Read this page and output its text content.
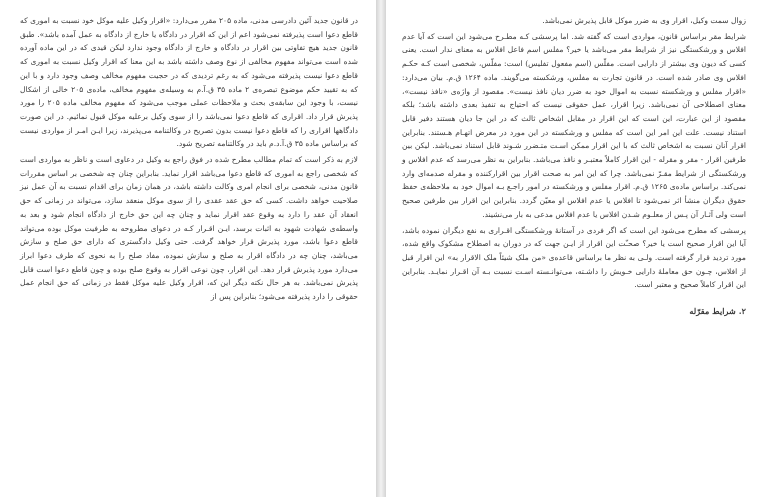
در قانون جدید آئین دادرسی مدنی، ماده ۲۰۵ مقرر می‌دارد: «اقرار وکیل علیه موکل خود نسبت به اموری که قاطع دعوا است پذیرفته نمی‌شود اعم از این که اقرار در دادگاه یا خارج از دادگاه به عمل آمده باشد». طبق قانون جدید هیچ تفاوتی بین اقرار در دادگاه و خارج از دادگاه وجود ندارد لیکن قیدی که در این ماده آورده شده است می‌تواند مفهوم مخالفی از نوع وصف داشته باشد به این معنا که اقرار وکیل نسبت به اموری که قاطع دعوا نیست پذیرفته می‌شود که به رغم تردیدی که در حجیت مفهوم مخالف وصف وجود دارد و با این که به تقیید حکم موضوع تبصره‌ی ۲ ماده ۳۵ ق.آ.م به وسیله‌ی مفهوم مخالف، ماده‌ی ۲۰۵ خالی از اشکال نیست، با وجود این سابقه‌ی بحث و ملاحظات عملی موجب می‌شود که مفهوم مخالف ماده ۲۰۵ را مورد پذیرش قرار داد. اقراری که قاطع دعوا نمی‌باشد را از سوی وکیل برعلیه موکل قبول نمائیم. در این صورت دادگاهها اقراری را که قاطع دعوا نیست بدون تصریح در وکالتنامه می‌پذیرند، زیرا ایـن امـر از مواردی نیست که براساس ماده ۳۵ ق.آ.د.م باید در وکالتنامه تصریح شود.

لازم به ذکر است که تمام مطالب مطرح شده در فوق راجع به وکیل در دعاوی است و ناظر به مواردی است که شخصی راجع به اموری که قاطع دعوا می‌باشد اقرار نماید. بنابراین چنان چه شخصی بر اساس مقررات قانون مدنی، شخصی برای انجام امری وکالت داشته باشد، در همان زمان برای اقدام نسبت به آن عمل نیز صلاحیت خواهد داشت. کسی که حق عقد عقدی را از سوی موکل منعقد سازد، می‌تواند در زمانی که حق انعقاد آن عقد را دارد به وقوع عقد اقرار نماید و چنان چه این حق خارج از دادگاه انجام شود و بعد به واسطه‌ی شهادت شهود به اثبات برسد، ایـن اقـرار کـه در دعوای مطروحه به طرفیت موکل بوده می‌تواند قاطع دعوا باشد، مورد پذیرش قرار خواهد گرفت. حتی وکیل دادگستری که دارای حق صلح و سازش می‌باشد، چنان چه در دادگاه اقرار به صلح و سازش نموده، مفاد صلح را به نحوی که طرف دعوا ابراز می‌دارد مورد پذیرش قرار دهد. این اقرار، چون نوعی اقرار به وقوع صلح بوده و چون قاطع دعوا است قابل پذیرش نمی‌باشد. به هر حال نکته دیگر این که، اقرار وکیل علیه موکل فقط در زمانی که حق انجام عمل حقوقی را دارد پذیرفته می‌شود؛ بنابراین پس از

زوال سمت وکیل، اقرار وی به ضرر موکل قابل پذیرش نمی‌باشد.

شرایط مقر براساس قانون، مواردی است که گفته شد. اما پرسشی کـه مطـرح می‌شود این است که آیا عدم افلاس و ورشکستگی نیز از شرایط مقر می‌باشد یا خیر؟ مفلس اسم فاعل افلاس به معنای ندار است. یعنی کسی که دیون وی بیشتر از دارایی است. مفلّس (اسم مفعول تفلیس) است: مفلّس، شخصی است کـه حکـم افلاس وی صادر شده است. در قانون تجارت به مفلس، ورشکسته می‌گویند. ماده ۱۲۶۴ ق.م. بیان می‌دارد: «اقرار مفلس و ورشکسته نسبت به اموال خود به ضرر دیان نافذ نیست». مقصود از واژه‌ی «نافذ نیست»، معنای اصطلاحی آن نمی‌باشد. زیرا اقرار، عمل حقوقی نیست که احتیاج به تنفیذ بعدی داشته باشد؛ بلکه مقصود از این عبارت، این است که این اقرار در مقابل اشخاص ثالث که در این جا دیان هستند دفیر قابل استناد نیست. علت این امر این است که مفلس و ورشکسته در این مورد در معرض اتهـام هـستند. بنابراین اقرار آنان نسبت به اشخاص ثالث که با این اقرار ممکن اسـت متـضرر شـوند قابل استناد نمی‌باشد. لیکن بین طرفین اقرار - مقر و مقرله - این اقرار کاملاً معتبـر و نافذ می‌باشد. بنابراین به نظر می‌رسد که عدم افلاس و ورشکستگی از شرایط مقـرّ نمی‌باشد. چرا که این امر به صحت اقرار بین اقرارکننده و مقرله صدمه‌ای وارد نمی‌کند. براساس ماده‌ی ۱۲۶۵ ق.م. اقرار مفلس و ورشکسته در امور راجـع بـه اموال خود به ملاحظه‌ی حفظ حقوق دیگران منشأ اثر نمی‌شود تا افلاس یا عدم افلاس او معیّن گردد. بنابراین این اقرار بین طرفین صحیح است ولی آثـار آن پـس از معلـوم شـدن افلاس یا عدم افلاس مدعی به بار می‌نشیند.

پرسشی که مطرح می‌شود این است که اگر فردی در آستانهٔ ورشکستگی اقـراری به نفع دیگران نموده باشد، آیا این اقرار صحیح است یا خیر؟ صحـّت این اقرار از ایـن جهت که در دوران به اصطلاح مشکوک واقع شده، مورد تردید قرار گرفته است. ولـی به نظر ما براساس قاعده‌ی «من ملک شیئاً ملک الاقرار به» این اقرار قبل از افلاس، چـون حق معاملهٔ دارایی خـویش را داشـته، می‌توانـسته اسـت نسبت بـه آن اقـرار نمایـد. بنابراین این اقرار کاملاً صحیح و معتبر است.

۲. شرایط مقرّله
